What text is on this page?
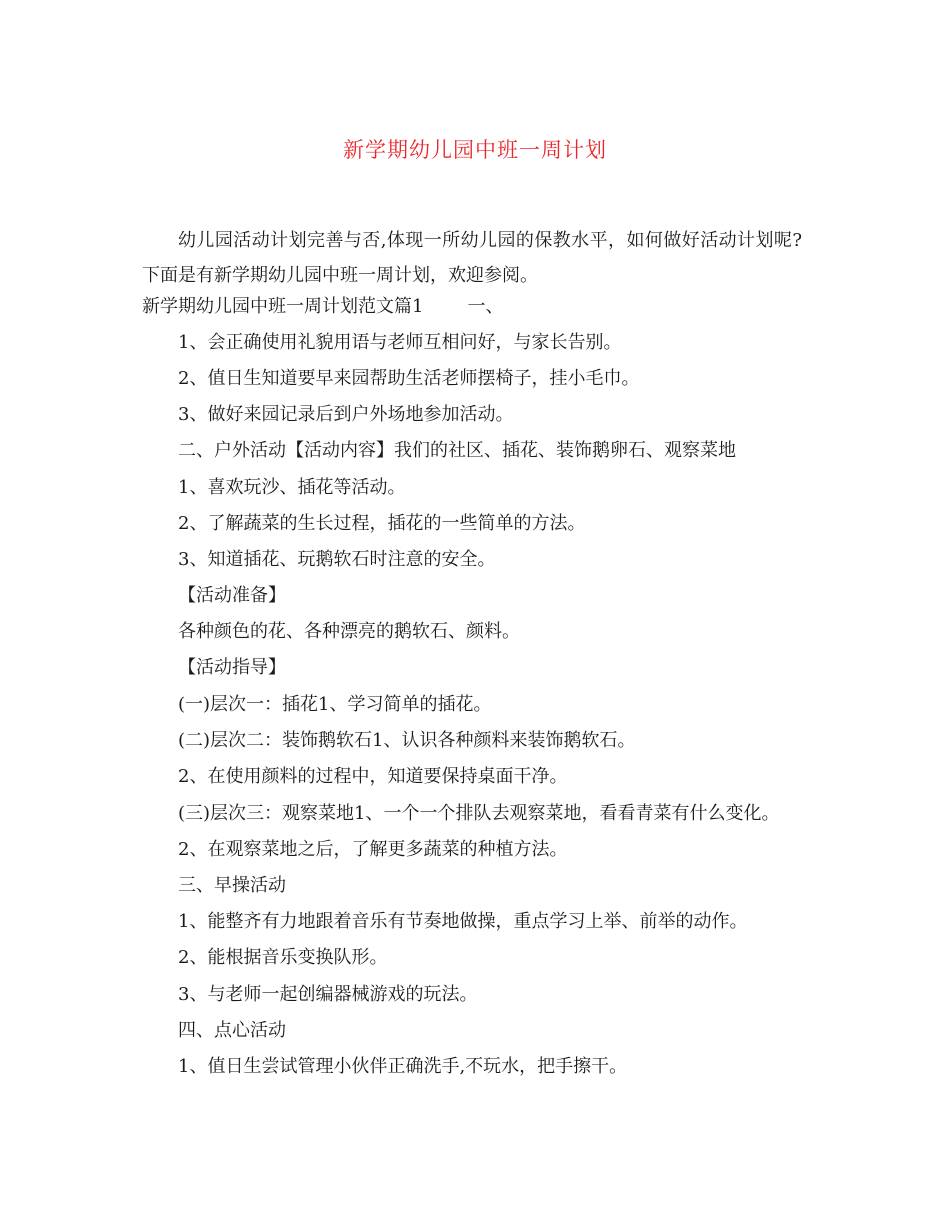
新学期幼儿园中班一周计划
幼儿园活动计划完善与否,体现一所幼儿园的保教水平，如何做好活动计划呢?下面是有新学期幼儿园中班一周计划，欢迎参阅。
新学期幼儿园中班一周计划范文篇1 一、
1、会正确使用礼貌用语与老师互相问好，与家长告别。
2、值日生知道要早来园帮助生活老师摆椅子，挂小毛巾。
3、做好来园记录后到户外场地参加活动。
二、户外活动【活动内容】我们的社区、插花、装饰鹅卵石、观察菜地
1、喜欢玩沙、插花等活动。
2、了解蔬菜的生长过程，插花的一些简单的方法。
3、知道插花、玩鹅软石时注意的安全。
【活动准备】
各种颜色的花、各种漂亮的鹅软石、颜料。
【活动指导】
(一)层次一：插花1、学习简单的插花。
(二)层次二：装饰鹅软石1、认识各种颜料来装饰鹅软石。
2、在使用颜料的过程中，知道要保持桌面干净。
(三)层次三：观察菜地1、一个一个排队去观察菜地，看看青菜有什么变化。
2、在观察菜地之后，了解更多蔬菜的种植方法。
三、早操活动
1、能整齐有力地跟着音乐有节奏地做操，重点学习上举、前举的动作。
2、能根据音乐变换队形。
3、与老师一起创编器械游戏的玩法。
四、点心活动
1、值日生尝试管理小伙伴正确洗手,不玩水，把手擦干。
